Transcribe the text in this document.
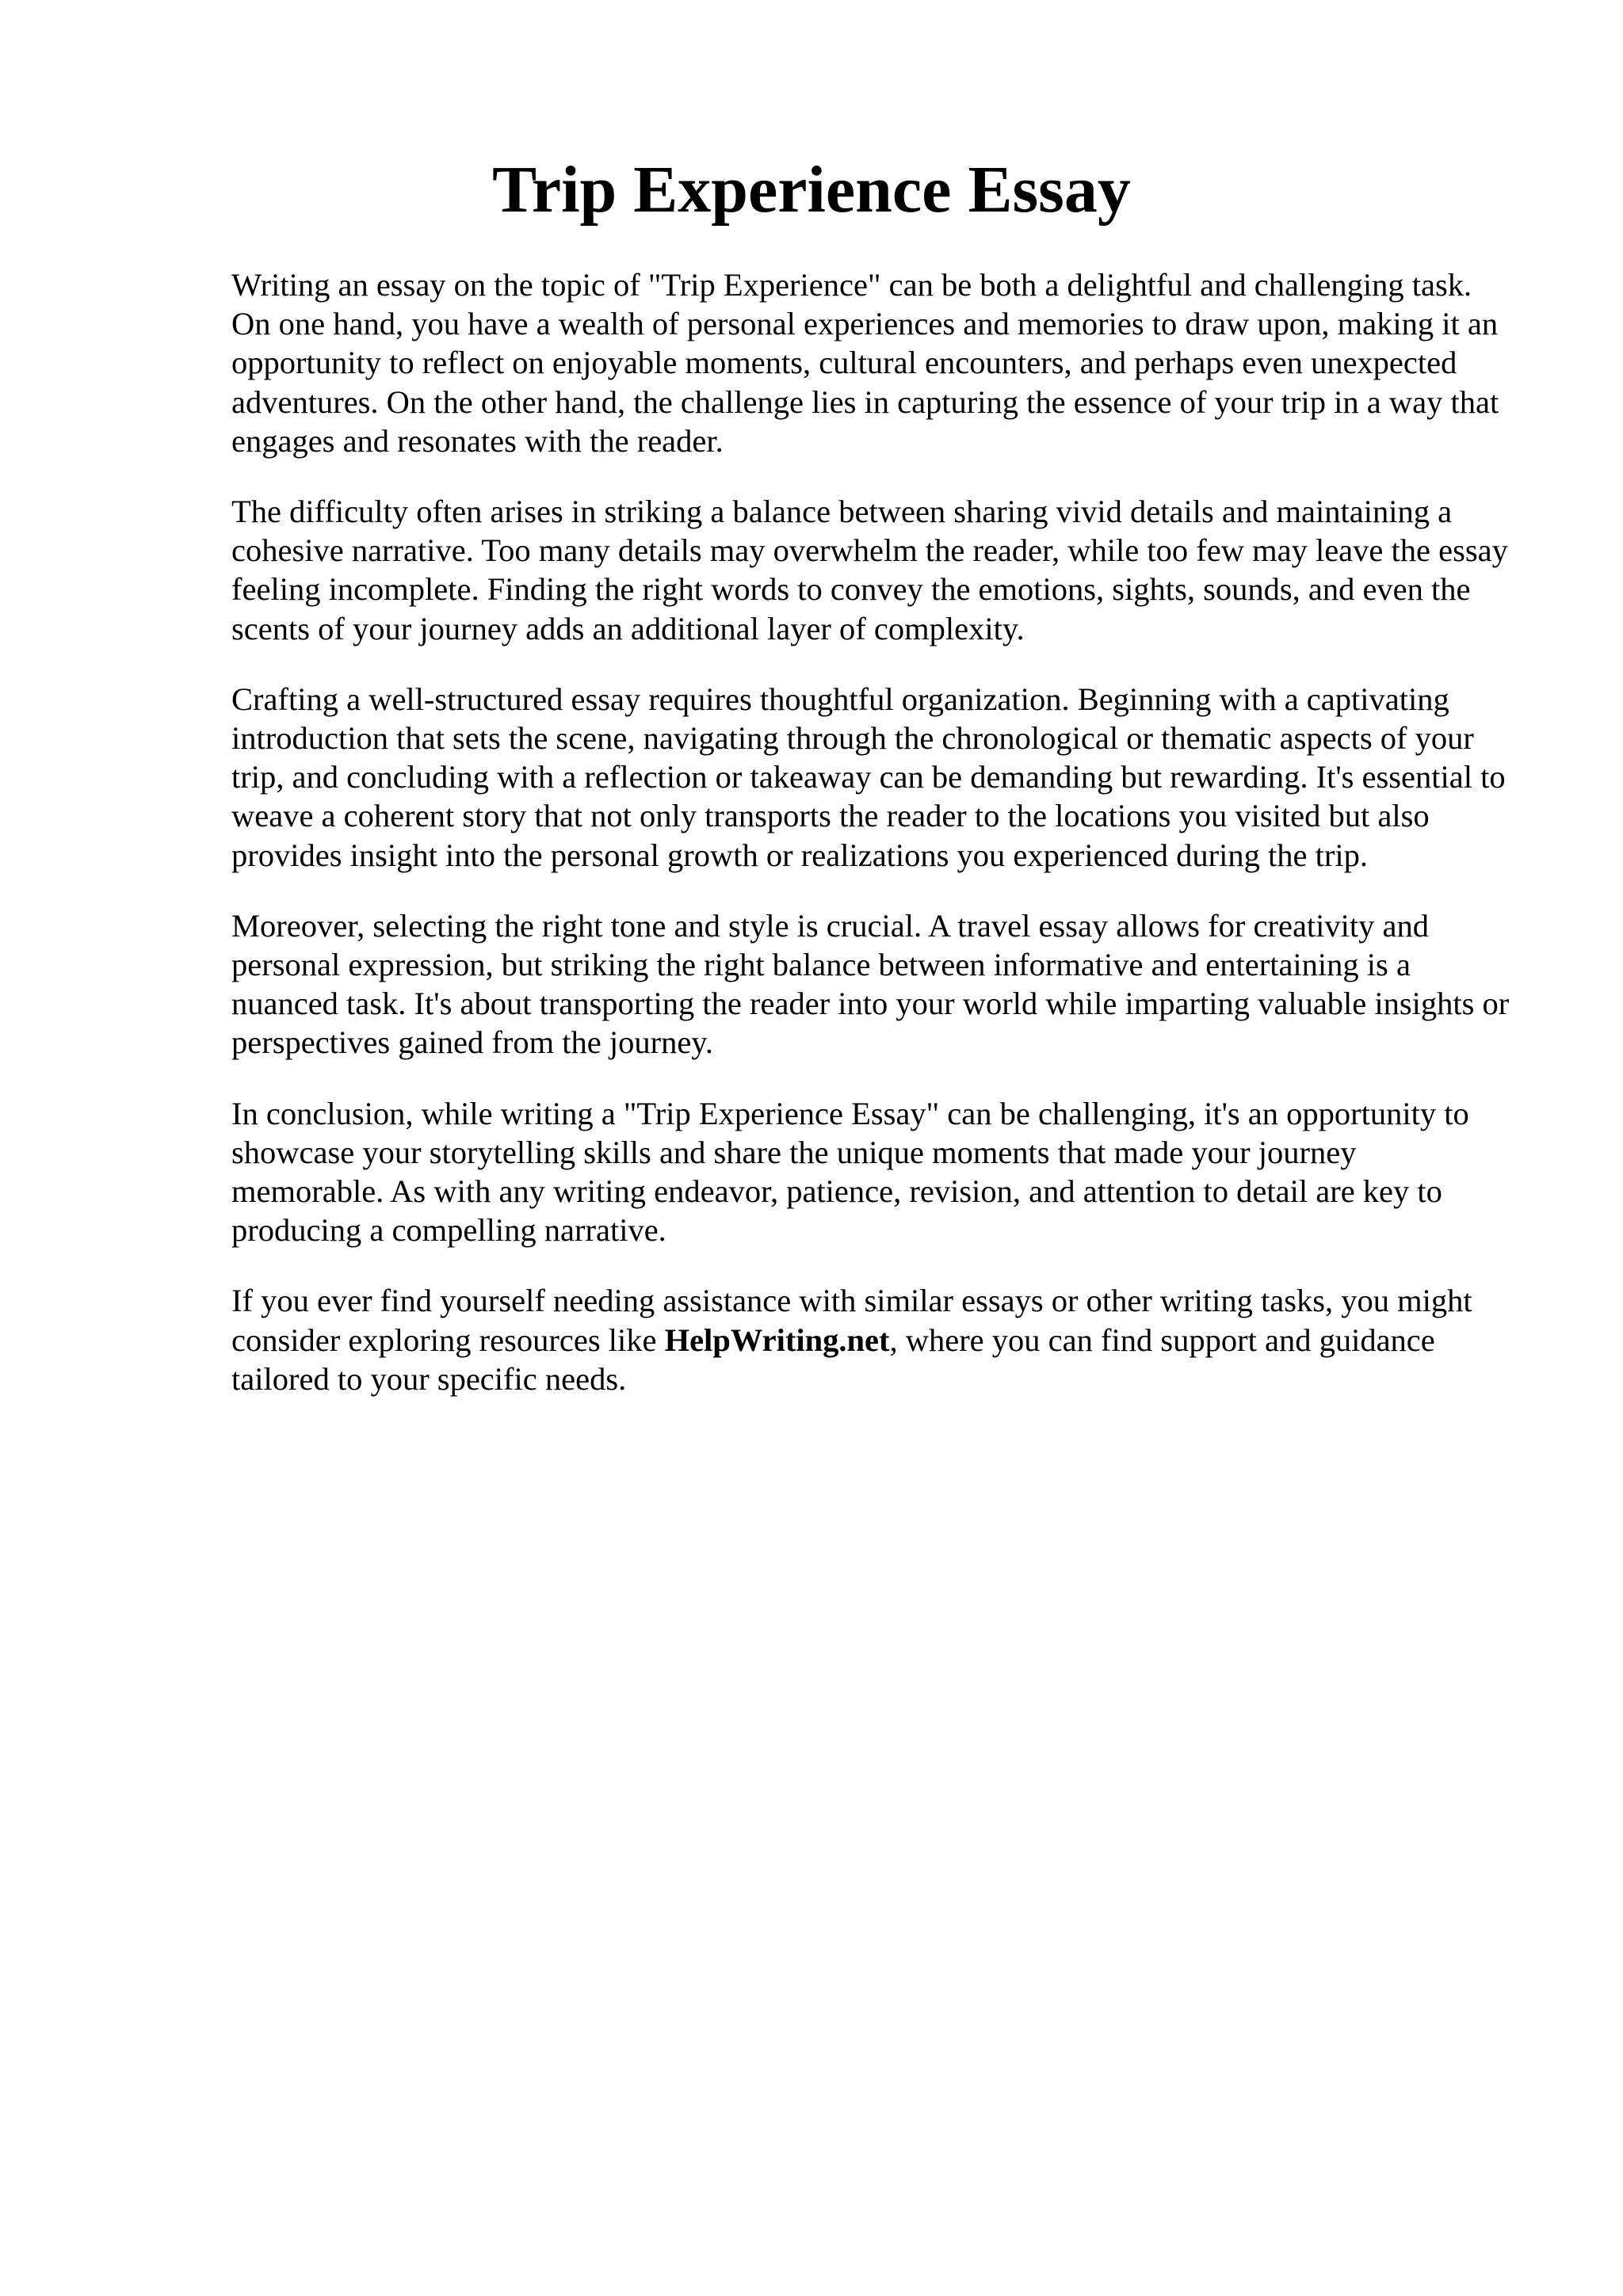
Trip Experience Essay

Writing an essay on the topic of "Trip Experience" can be both a delightful and challenging task. On one hand, you have a wealth of personal experiences and memories to draw upon, making it an opportunity to reflect on enjoyable moments, cultural encounters, and perhaps even unexpected adventures. On the other hand, the challenge lies in capturing the essence of your trip in a way that engages and resonates with the reader.

The difficulty often arises in striking a balance between sharing vivid details and maintaining a cohesive narrative. Too many details may overwhelm the reader, while too few may leave the essay feeling incomplete. Finding the right words to convey the emotions, sights, sounds, and even the scents of your journey adds an additional layer of complexity.

Crafting a well-structured essay requires thoughtful organization. Beginning with a captivating introduction that sets the scene, navigating through the chronological or thematic aspects of your trip, and concluding with a reflection or takeaway can be demanding but rewarding. It's essential to weave a coherent story that not only transports the reader to the locations you visited but also provides insight into the personal growth or realizations you experienced during the trip.

Moreover, selecting the right tone and style is crucial. A travel essay allows for creativity and personal expression, but striking the right balance between informative and entertaining is a nuanced task. It's about transporting the reader into your world while imparting valuable insights or perspectives gained from the journey.

In conclusion, while writing a "Trip Experience Essay" can be challenging, it's an opportunity to showcase your storytelling skills and share the unique moments that made your journey memorable. As with any writing endeavor, patience, revision, and attention to detail are key to producing a compelling narrative.

If you ever find yourself needing assistance with similar essays or other writing tasks, you might consider exploring resources like HelpWriting.net, where you can find support and guidance tailored to your specific needs.
